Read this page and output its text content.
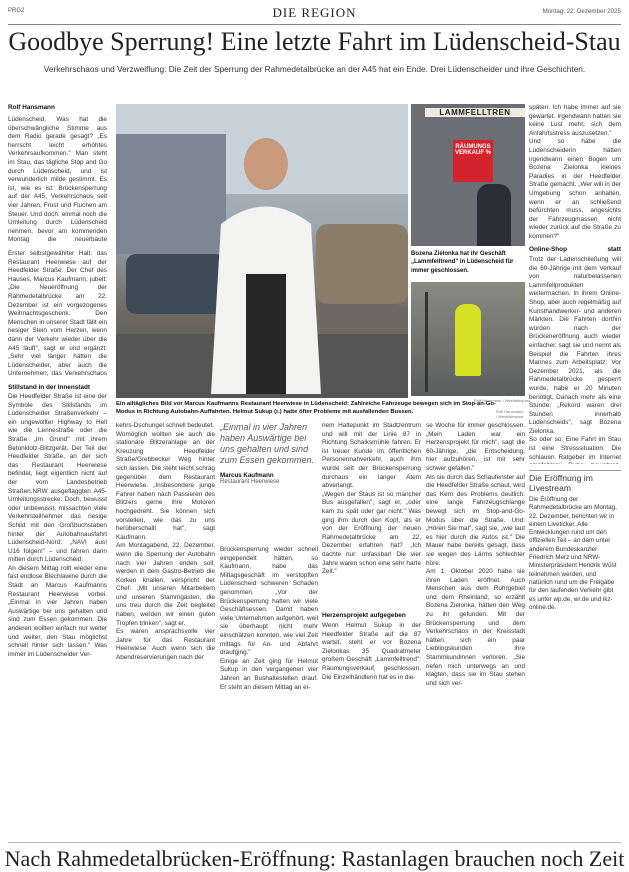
PRG2	DIE REGION	Montag, 22. Dezember 2025
Goodbye Sperrung! Eine letzte Fahrt im Lüdenscheid-Stau
Verkehrschaos und Verzweiflung: Die Zeit der Sperrung der Rahmedetalbrücke an der A45 hat ein Ende. Drei Lüdenscheider und ihre Geschichten.
Rolf Hansmann
Lüdenscheid. Was hat die überschwängliche Stimme aus dem Radio gerade gesagt? „Es herrscht leicht erhöhtes Verkehrsaufkommen." Man steht im Stau, das tägliche Stop and Go durch Lüdenscheid, und ist verwunderlich milde gestimmt. Es ist, wie es ist: Brückensperrung auf der A45, Verkehrschaos seit vier Jahren, Frust und Fluchen am Steuer. Und doch: einmal noch die Umleitung durch Lüdenscheid nehmen, bevor am kommenden Montag die neuerbaute
Erster selbstgewählter Halt: das Restaurant Heerwiese auf der Heedfelder Straße. Der Chef des Hauses, Marcus Kaufmann, jubelt: „Die Neueröffnung der Rahmedetalbrücke am 22. Dezember ist ein vorgezogenes Weihnachtsgeschenk. Den Menschen in unserer Stadt fällt ein riesiger Stein vom Herzen, wenn dann der Verkehr wieder über die A45 läuft", sagt er und ergänzt: „Sehr viel länger hätten die Lüdenscheider, aber auch die Unternehmen, das Verkehrschaos
Stillstand in der Innenstadt
Die Heedfelder Straße ist eine der Symbole des Stillstands im Lüdenscheider Straßenverkehr – ein ungewollter Highway to Hell wie die Lennestraße oder die Straße „Im Grund" mit ihrem Betonklotz-Blitzgerät. Der Teil der Heedfelder Straße, an der sich das Restaurant Heerwiese befindet, liegt eigentlich nicht auf der vom Landesbetrieb Straßen.NRW ausgeflaggten A45-Umleitungsstrecke. Doch, bewusst oder unbewusst, missachten viele Verkehrsteilnehmer das riesige Schild mit den Großbuchstaben hinter der Autobahnausfahrt Lüdenscheid-Nord: „NAVI aus! U16 folgen!" – und fahren dann mitten durch Lüdenscheid.
An diesem Mittag rollt wieder eine fast endlose Blechlawine durch die Stadt an Marcus Kaufmanns Restaurant Heerwiese vorbei. „Einmal in vier Jahren haben Auswärtige bei uns gehalten und sind zum Essen gekommen. Die anderen wollten einfach nur weiter und weiter, den Stau möglichst schnell hinter sich lassen." Was immer im Lüdenscheider Ver-
Ein alltägliches Bild vor Marcus Kaufmanns Restaurant Heerwiese in Lüdenscheid: Zahlreiche Fahrzeuge bewegen sich im Stop-an-Go-Modus in Richtung Autobahn-Auffahrten. Helmut Sukup (r.) hatte öfter Probleme mit ausfallenden Bussen.	Rolf Hansmann / Westfalenpost
LAMMFELLTREN
RÄUMUNGS VERKAUF %
Bozena Zielonka hat ihr Geschäft „Lammfelltrend" in Lüdenscheid für immer geschlossen.
Rolf Hansmann / Westfalenpost
kehrs-Dschungel schnell bedeutet.
Womöglich wollten sie auch die stationäre Blitzeranlage an der Kreuzung Heedfelder Straße/Grebbecker Weg hinter sich lassen. Die steht leicht schräg gegenüber dem Restaurant Heerwiese. „Insbesondere junge Fahrer haben nach Passieren des Blitzers gerne ihre Motoren hochgedreht. Sie können sich vorstellen, wie das zu uns herüberschallt hat", sagt Kaufmann.
Am Montagabend, 22. Dezember, wenn die Sperrung der Autobahn nach vier Jahren enden soll, werden in dem Gastro-Betrieb die Korken knallen, verspricht der Chef. „Mit unseren Mitarbeitern und unseren Stammgästen, die uns treu durch die Zeit begleitet haben, werden wir einen guten Tropfen trinken", sagt er.
Es waren ansprachsvolle vier Jahre für das Restaurant Heerwiese. Auch wenn sich die Abendreservierungen nach der
„Einmal in vier Jahren haben Auswärtige bei uns gehalten und sind zum Essen gekommen.
Marcus Kaufmann
Restaurant Heerwiese
Brückensperrung wieder schnell eingependelt hätten, so Kaufmann, habe das Mittagsgeschäft im verstopften Lüdenscheid schweren Schaden genommen. „Vor der Brückensperrung hatten wir viele Geschäftsessen. Damit haben viele Unternehmen aufgehört, weil sie überhaupt nicht mehr einschätzen konnten, wie viel Zeit mittags für An- und Abfahrt draufging."
Einige an Zeit ging für Helmut Sukup in den vergangenen vier Jahren an Bushaltestellen drauf. Er steht an diesem Mittag an ei-
nem Haltepunkt im Stadtzentrum und will mit der Linie 87 in Richtung Schalksmühle fahren. Er ist treuer Kunde im öffentlichen Personennahverkehr, auch ihm wurde seit der Brückensperrung durchaus ein langer Atem abverlangt.
„Wegen der Staus ist so mancher Bus ausgefallen", sagt er, „oder kam zu spät oder gar nicht." Was ging ihm durch den Kopf, als er von der Eröffnung der neuen Rahmedetalbrücke am 22. Dezember erfahren hat? „Ich dachte nur: unfassbar! Die vier Jahre waren schon eine sehr harte Zeit."
Herzensprojekt aufgegeben
Wenn Helmut Sukup in der Heedfelder Straße auf die 87 wartet, steht er vor Bozena Zielonkas 35 Quadratmeter großem Geschäft „Lammfelltrend": Räumungsverkauf, geschlossen. Die Einzelhändlerin hat es in die-
se Woche für immer geschlossen. „Mein Laden war ein Herzensprojekt für mich", sagt die 60-Jährige, „die Entscheidung, hier aufzuhören, ist mir sehr schwer gefallen."
Als sie durch das Schaufenster auf die Heedfelder Straße schaut, wird das Kern des Problems deutlich: eine lange Fahrzeugschlange bewegt sich im Stop-and-Go-Modus über die Straße. Und: „Hören Sie mal", sagt sie, „wie laut es hier durch die Autos ist." Die Mauer habe bereits gesagt, dass sie wegen des Lärms schlechter höre.
Am 1. Oktober 2020 habe sie ihren Laden eröffnet. Auch Menschen aus dem Ruhrgebiet und dem Rheinland, so erzählt Bozena Zielonka, hätten den Weg zu ihr gefunden. Mit der Brückensperrung und dem Verkehrschaos in der Kreisstadt hätten sich ein paar Lieblingskunden ihre Stammkundinnen verloren. „Sie riefen mich unterwegs an und klagten, dass sie im Stau stehen und sich ver-
späten. Ich habe immer auf sie gewartet. Irgendwann hatten sie keine Lust mehr, sich dem Anfahrtsstress auszusetzen."
Und so habe die Lüdenscheiderin hätten irgendwann einen Bogen um Bozena Zielonka kleines Paradies in der Heedfelder Straße gemacht. „Wer will in der Umgebung schon anhalten, wenn er an schließend befürchten muss, angesichts der Fahrzeugmassen nicht wieder zurück auf die Straße zu kommen?"
Online-Shop statt
Trotz der Ladenschließung will die 60-Jährige mit dem Verkauf von naturbelassenen Lammfellprodukten weitermachen. In ihrem Online-Shop, aber auch regelmäßig auf Kunsthandwerker- und anderen Märkten. Die Fahrten dorthin würden nach der Brückeneröffnung auch wieder einfacher, sagt sie und nennt als Beispiel die Fahrten ihres Mannes zum Arbeitsplatz: Vor Dezember 2021, als die Rahmedetalbrücke gesperrt wurde, habe er 20 Minuten benötigt. Danach mehr als eine Stunde. „Rekord waren drei Stunden innerhalb Lüdenscheids", sagt Bozena Zielonka.
So oder so: Eine Fahrt im Stau ist eine Stresssituation. Die schlauen Ratgeber im Internet
Die Eröffnung im Livestream
Die Eröffnung der Rahmedetalbrücke am Montag, 22. Dezember, berichten wir in einem Liveticker. Alle Entwicklungen rund um den offiziellen Teil – an dem unter anderem Bundeskanzler Friedrich Merz und NRW-Ministerpräsident Hendrik Wüst teilnehmen werden, und natürlich rund um die Freigabe für den laufenden Verkehr gibt es unter wp.de, wr.de und ikz-online.de.
Nach Rahmedetalbrücken-Eröffnung: Rastanlagen brauchen noch Zeit
